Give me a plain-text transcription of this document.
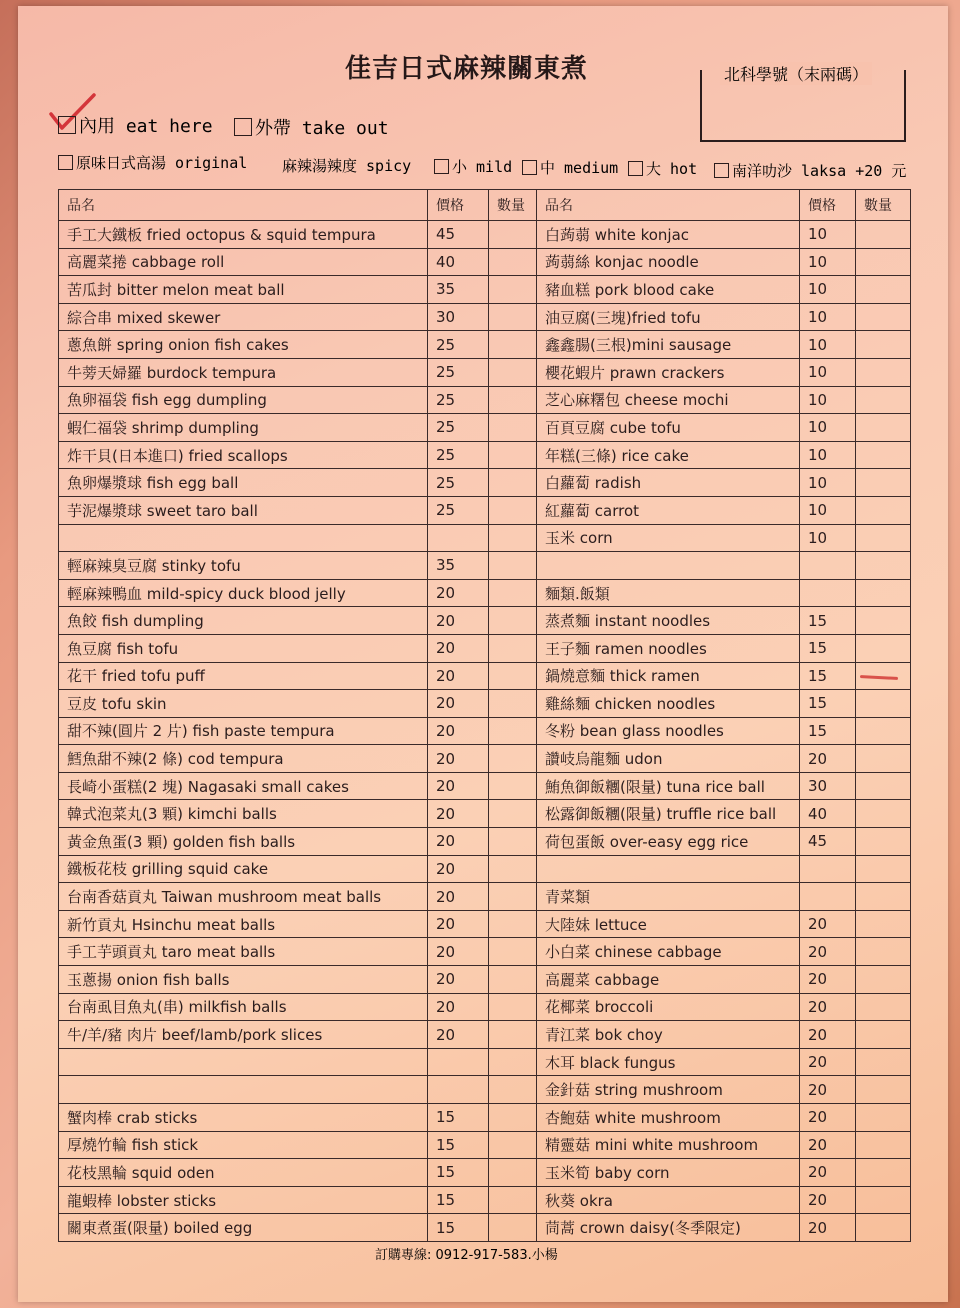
佳吉日式麻辣關東煮	北科學號（末兩碼）
內用 eat here 外帶 take out
原味日式高湯 original 麻辣湯辣度 spicy	小 mild 中 medium 大 hot 南洋叻沙 laksa +20 元
品名	價格	數量	品名	價格	數量
手工大鐵板 fried octopus & squid tempura	45		白蒟蒻 white konjac	10	
高麗菜捲 cabbage roll	40		蒟蒻絲 konjac noodle	10	
苦瓜封 bitter melon meat ball	35		豬血糕 pork blood cake	10	
綜合串 mixed skewer	30		油豆腐(三塊)fried tofu	10	
蔥魚餅 spring onion fish cakes	25		鑫鑫腸(三根)mini sausage	10	
牛蒡天婦羅 burdock tempura	25		櫻花蝦片 prawn crackers	10	
魚卵福袋 fish egg dumpling	25		芝心麻糬包 cheese mochi	10	
蝦仁福袋 shrimp dumpling	25		百頁豆腐 cube tofu	10	
炸干貝(日本進口) fried scallops	25		年糕(三條) rice cake	10	
魚卵爆漿球 fish egg ball	25		白蘿蔔 radish	10	
芋泥爆漿球 sweet taro ball	25		紅蘿蔔 carrot	10	
			玉米 corn	10	
輕麻辣臭豆腐 stinky tofu	35				
輕麻辣鴨血 mild-spicy duck blood jelly	20		麵類.飯類		
魚餃 fish dumpling	20		蒸煮麵 instant noodles	15	
魚豆腐 fish tofu	20		王子麵 ramen noodles	15	
花干 fried tofu puff	20		鍋燒意麵 thick ramen	15	
豆皮 tofu skin	20		雞絲麵 chicken noodles	15	
甜不辣(圓片 2 片) fish paste tempura	20		冬粉 bean glass noodles	15	
鱈魚甜不辣(2 條) cod tempura	20		讚岐烏龍麵 udon	20	
長崎小蛋糕(2 塊) Nagasaki small cakes	20		鮪魚御飯糰(限量) tuna rice ball	30	
韓式泡菜丸(3 顆) kimchi balls	20		松露御飯糰(限量) truffle rice ball	40	
黃金魚蛋(3 顆) golden fish balls	20		荷包蛋飯 over-easy egg rice	45	
鐵板花枝 grilling squid cake	20				
台南香菇貢丸 Taiwan mushroom meat balls	20		青菜類		
新竹貢丸 Hsinchu meat balls	20		大陸妹 lettuce	20	
手工芋頭貢丸 taro meat balls	20		小白菜 chinese cabbage	20	
玉蔥揚 onion fish balls	20		高麗菜 cabbage	20	
台南虱目魚丸(串) milkfish balls	20		花椰菜 broccoli	20	
牛/羊/豬 肉片 beef/lamb/pork slices	20		青江菜 bok choy	20	
			木耳 black fungus	20	
			金針菇 string mushroom	20	
蟹肉棒 crab sticks	15		杏鮑菇 white mushroom	20	
厚燒竹輪 fish stick	15		精靈菇 mini white mushroom	20	
花枝黑輪 squid oden	15		玉米筍 baby corn	20	
龍蝦棒 lobster sticks	15		秋葵 okra	20	
關東煮蛋(限量) boiled egg	15		茼蒿 crown daisy(冬季限定)	20	
訂購專線: 0912-917-583.小楊
